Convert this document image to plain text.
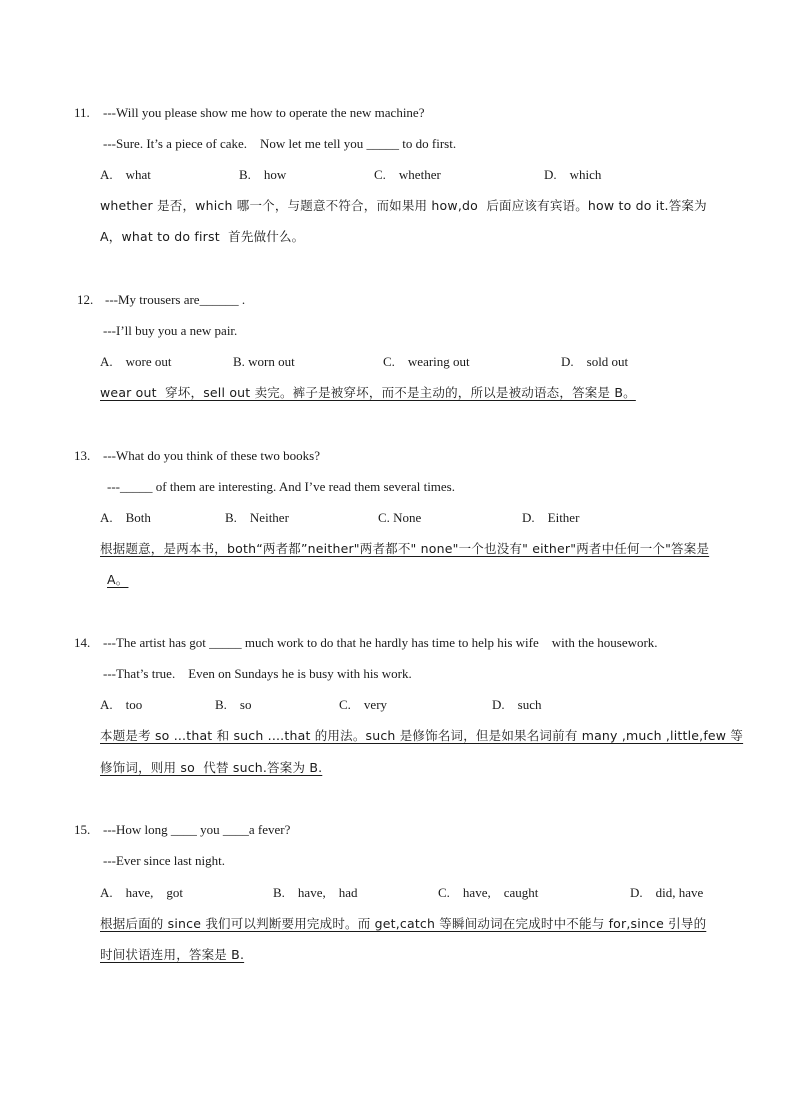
11. ---Will you please show me how to operate the new machine?
---Sure. It’s a piece of cake.    Now let me tell you _____ to do first.
A.    what	B.    how	C.    whether	D.    which
whether 是否，which 哪一个，与题意不符合，而如果用 how,do  后面应该有宾语。how to do it.答案为
A，what to do first  首先做什么。
12. ---My trousers are______ .
---I’ll buy you a new pair.
A.    wore out	B. worn out	C.    wearing out	D.    sold out
wear out  穿坏，sell out 卖完。裤子是被穿坏，而不是主动的，所以是被动语态，答案是 B。
13. ---What do you think of these two books?
---_____ of them are interesting. And I’ve read them several times.
A.    Both	B.    Neither	C. None	D.    Either
根据题意，是两本书，both“两者都”neither"两者都不" none"一个也没有" either"两者中任何一个"答案是
A。
14. ---The artist has got _____ much work to do that he hardly has time to help his wife    with the housework.
---That’s true.    Even on Sundays he is busy with his work.
A.    too	B.    so	C.    very	D.    such
本题是考 so ...that 和 such ....that 的用法。such 是修饰名词，但是如果名词前有 many ,much ,little,few 等
修饰词，则用 so  代替 such.答案为 B.
15. ---How long ____ you ____a fever?
---Ever since last night.
A.    have,    got	B.    have,    had	C.    have,    caught	D.    did, have
根据后面的 since 我们可以判断要用完成时。而 get,catch 等瞬间动词在完成时中不能与 for,since 引导的
时间状语连用，答案是 B.
